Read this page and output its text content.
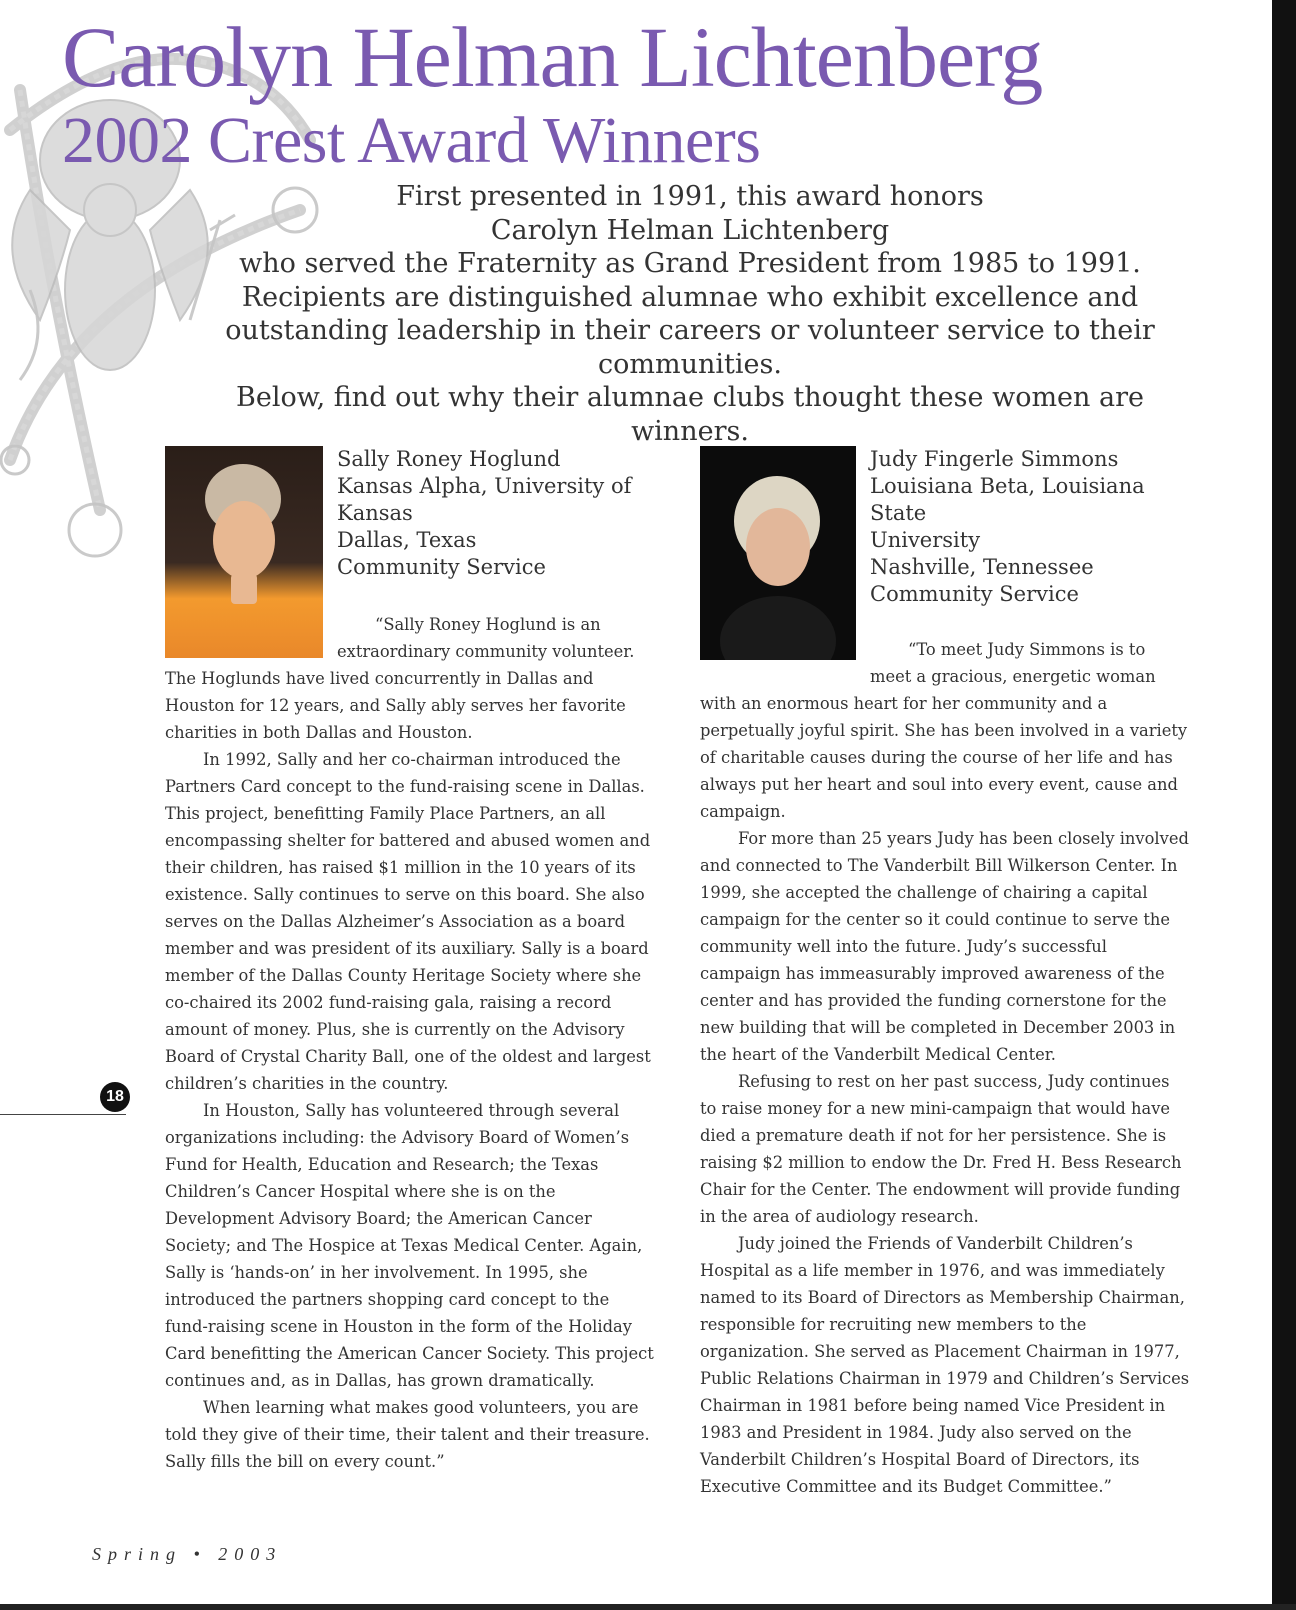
Carolyn Helman Lichtenberg
2002 Crest Award Winners
First presented in 1991, this award honors
Carolyn Helman Lichtenberg
who served the Fraternity as Grand President from 1985 to 1991.
Recipients are distinguished alumnae who exhibit excellence and
outstanding leadership in their careers or volunteer service to their communities.
Below, find out why their alumnae clubs thought these women are winners.
Sally Roney Hoglund
Kansas Alpha, University of
Kansas
Dallas, Texas
Community Service

“Sally Roney Hoglund is an extraordinary community volunteer. The Hoglunds have lived concurrently in Dallas and Houston for 12 years, and Sally ably serves her favorite charities in both Dallas and Houston.

In 1992, Sally and her co-chairman introduced the Partners Card concept to the fund-raising scene in Dallas. This project, benefitting Family Place Partners, an all encompassing shelter for battered and abused women and their children, has raised $1 million in the 10 years of its existence. Sally continues to serve on this board. She also serves on the Dallas Alzheimer’s Association as a board member and was president of its auxiliary. Sally is a board member of the Dallas County Heritage Society where she co-chaired its 2002 fund-raising gala, raising a record amount of money. Plus, she is currently on the Advisory Board of Crystal Charity Ball, one of the oldest and largest children’s charities in the country.

In Houston, Sally has volunteered through several organizations including: the Advisory Board of Women’s Fund for Health, Education and Research; the Texas Children’s Cancer Hospital where she is on the Development Advisory Board; the American Cancer Society; and The Hospice at Texas Medical Center. Again, Sally is ‘hands-on’ in her involvement. In 1995, she introduced the partners shopping card concept to the fund-raising scene in Houston in the form of the Holiday Card benefitting the American Cancer Society. This project continues and, as in Dallas, has grown dramatically.

When learning what makes good volunteers, you are told they give of their time, their talent and their treasure. Sally fills the bill on every count.”

Judy Fingerle Simmons
Louisiana Beta, Louisiana State
University
Nashville, Tennessee
Community Service

“To meet Judy Simmons is to meet a gracious, energetic woman with an enormous heart for her community and a perpetually joyful spirit. She has been involved in a variety of charitable causes during the course of her life and has always put her heart and soul into every event, cause and campaign.

For more than 25 years Judy has been closely involved and connected to The Vanderbilt Bill Wilkerson Center. In 1999, she accepted the challenge of chairing a capital campaign for the center so it could continue to serve the community well into the future. Judy’s successful campaign has immeasurably improved awareness of the center and has provided the funding cornerstone for the new building that will be completed in December 2003 in the heart of the Vanderbilt Medical Center.

Refusing to rest on her past success, Judy continues to raise money for a new mini-campaign that would have died a premature death if not for her persistence. She is raising $2 million to endow the Dr. Fred H. Bess Research Chair for the Center. The endowment will provide funding in the area of audiology research.

Judy joined the Friends of Vanderbilt Children’s Hospital as a life member in 1976, and was immediately named to its Board of Directors as Membership Chairman, responsible for recruiting new members to the organization. She served as Placement Chairman in 1977, Public Relations Chairman in 1979 and Children’s Services Chairman in 1981 before being named Vice President in 1983 and President in 1984. Judy also served on the Vanderbilt Children’s Hospital Board of Directors, its Executive Committee and its Budget Committee.”

18
Spring • 2003
